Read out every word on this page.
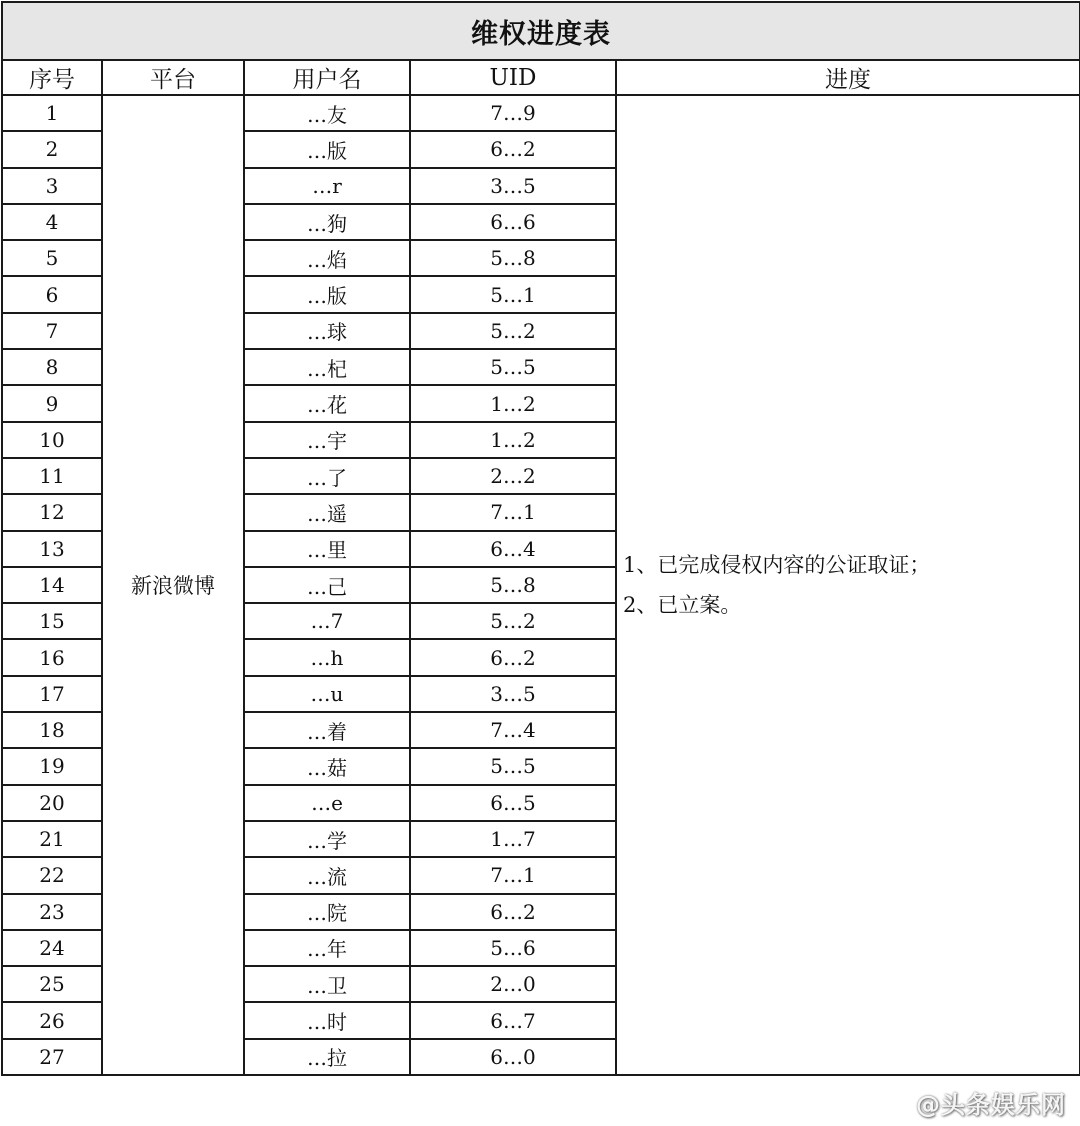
维权进度表				
序号	平台	用户名	UID	进度
1	新浪微博	…友	7…9	1、已完成侵权内容的公证取证；
2、已立案。

2		…版	6…2	
3		…r	3…5	
4		…狗	6…6	
5		…焰	5…8	
6		…版	5…1	
7		…球	5…2	
8		…杞	5…5	
9		…花	1…2	
10		…宇	1…2	
11		…了	2…2	
12		…遥	7…1	
13		…里	6…4	
14		…己	5…8	
15		…7	5…2	
16		…h	6…2	
17		…u	3…5	
18		…着	7…4	
19		…菇	5…5	
20		…e	6…5	
21		…学	1…7	
22		…流	7…1	
23		…院	6…2	
24		…年	5…6	
25		…卫	2…0	
26		…时	6…7	
27		…拉	6…0	
@头条娱乐网
